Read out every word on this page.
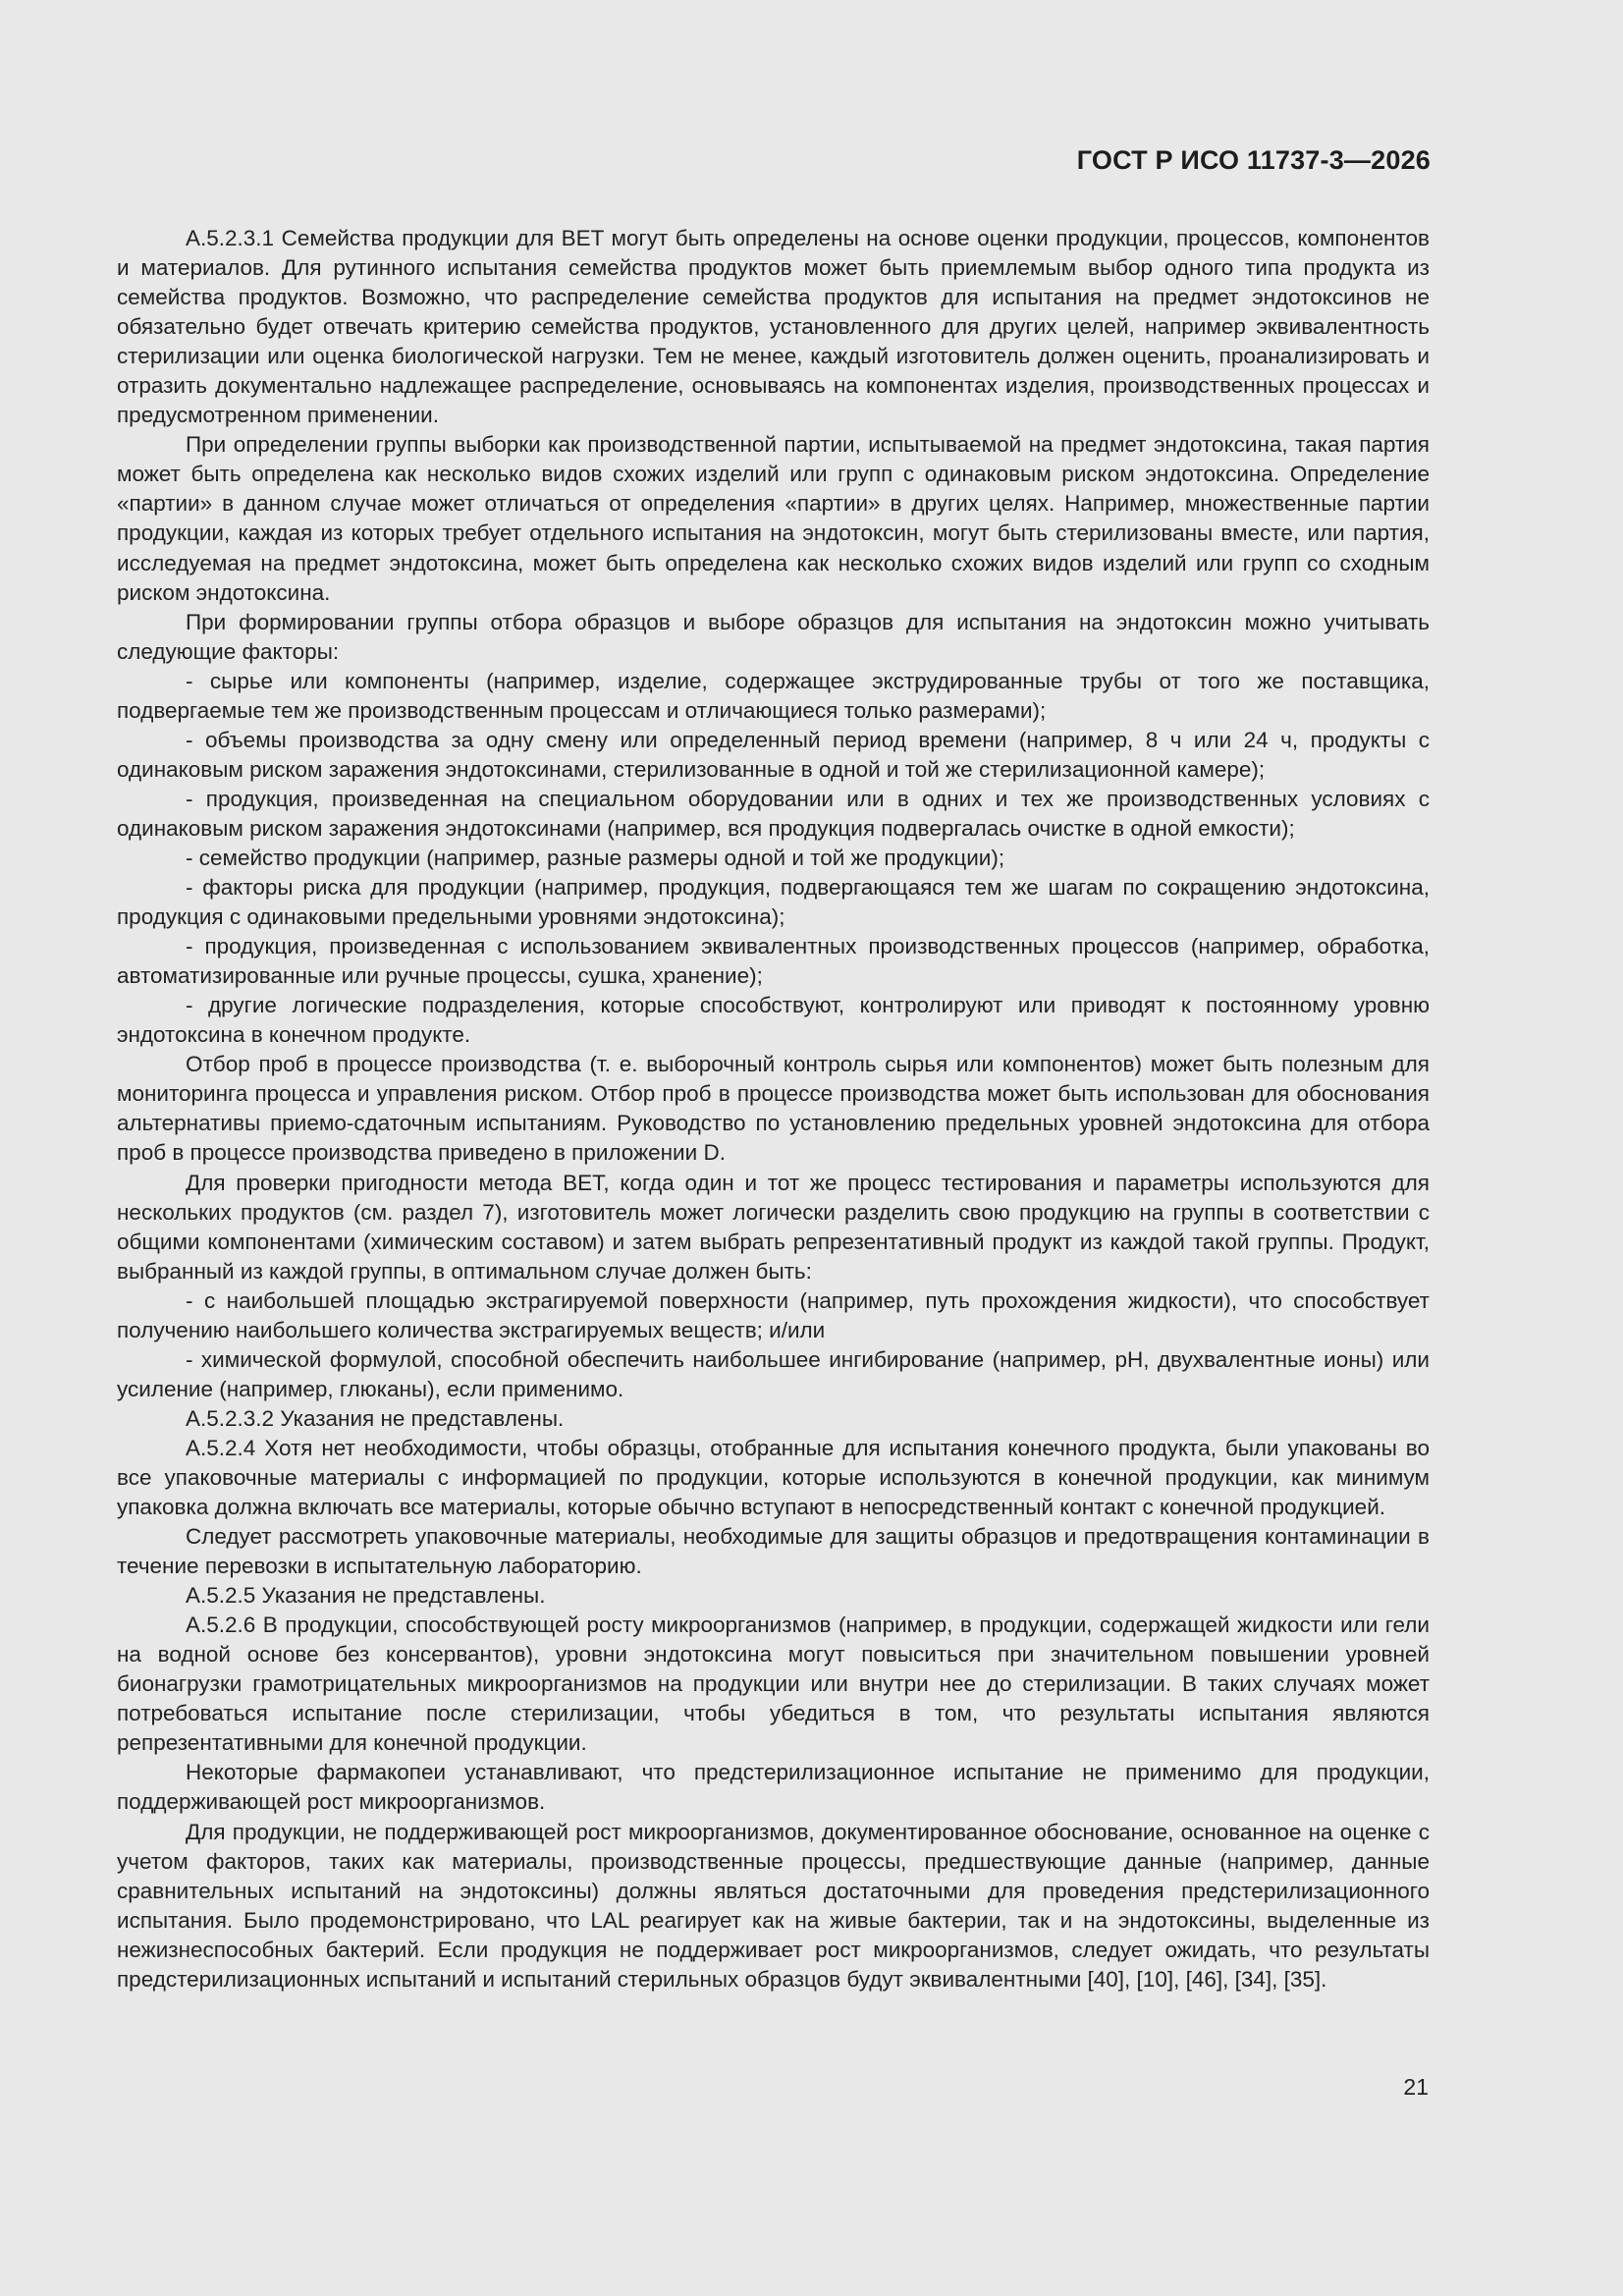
ГОСТ Р ИСО 11737-3—2026

А.5.2.3.1 Семейства продукции для BET могут быть определены на основе оценки продукции, процессов, компонентов и материалов. Для рутинного испытания семейства продуктов может быть приемлемым выбор одного типа продукта из семейства продуктов. Возможно, что распределение семейства продуктов для испытания на предмет эндотоксинов не обязательно будет отвечать критерию семейства продуктов, установленного для других целей, например эквивалентность стерилизации или оценка биологической нагрузки. Тем не менее, каждый изготовитель должен оценить, проанализировать и отразить документально надлежащее распределение, основываясь на компонентах изделия, производственных процессах и предусмотренном применении.

При определении группы выборки как производственной партии, испытываемой на предмет эндотоксина, такая партия может быть определена как несколько видов схожих изделий или групп с одинаковым риском эндотоксина. Определение «партии» в данном случае может отличаться от определения «партии» в других целях. Например, множественные партии продукции, каждая из которых требует отдельного испытания на эндотоксин, могут быть стерилизованы вместе, или партия, исследуемая на предмет эндотоксина, может быть определена как несколько схожих видов изделий или групп со сходным риском эндотоксина.

При формировании группы отбора образцов и выборе образцов для испытания на эндотоксин можно учитывать следующие факторы:

- сырье или компоненты (например, изделие, содержащее экструдированные трубы от того же поставщика, подвергаемые тем же производственным процессам и отличающиеся только размерами);

- объемы производства за одну смену или определенный период времени (например, 8 ч или 24 ч, продукты с одинаковым риском заражения эндотоксинами, стерилизованные в одной и той же стерилизационной камере);

- продукция, произведенная на специальном оборудовании или в одних и тех же производственных условиях с одинаковым риском заражения эндотоксинами (например, вся продукция подвергалась очистке в одной емкости);

- семейство продукции (например, разные размеры одной и той же продукции);

- факторы риска для продукции (например, продукция, подвергающаяся тем же шагам по сокращению эндотоксина, продукция с одинаковыми предельными уровнями эндотоксина);

- продукция, произведенная с использованием эквивалентных производственных процессов (например, обработка, автоматизированные или ручные процессы, сушка, хранение);

- другие логические подразделения, которые способствуют, контролируют или приводят к постоянному уровню эндотоксина в конечном продукте.

Отбор проб в процессе производства (т. е. выборочный контроль сырья или компонентов) может быть полезным для мониторинга процесса и управления риском. Отбор проб в процессе производства может быть использован для обоснования альтернативы приемо-сдаточным испытаниям. Руководство по установлению предельных уровней эндотоксина для отбора проб в процессе производства приведено в приложении D.

Для проверки пригодности метода BET, когда один и тот же процесс тестирования и параметры используются для нескольких продуктов (см. раздел 7), изготовитель может логически разделить свою продукцию на группы в соответствии с общими компонентами (химическим составом) и затем выбрать репрезентативный продукт из каждой такой группы. Продукт, выбранный из каждой группы, в оптимальном случае должен быть:

- с наибольшей площадью экстрагируемой поверхности (например, путь прохождения жидкости), что способствует получению наибольшего количества экстрагируемых веществ; и/или

- химической формулой, способной обеспечить наибольшее ингибирование (например, pH, двухвалентные ионы) или усиление (например, глюканы), если применимо.

А.5.2.3.2 Указания не представлены.

А.5.2.4 Хотя нет необходимости, чтобы образцы, отобранные для испытания конечного продукта, были упакованы во все упаковочные материалы с информацией по продукции, которые используются в конечной продукции, как минимум упаковка должна включать все материалы, которые обычно вступают в непосредственный контакт с конечной продукцией.

Следует рассмотреть упаковочные материалы, необходимые для защиты образцов и предотвращения контаминации в течение перевозки в испытательную лабораторию.

А.5.2.5 Указания не представлены.

А.5.2.6 В продукции, способствующей росту микроорганизмов (например, в продукции, содержащей жидкости или гели на водной основе без консервантов), уровни эндотоксина могут повыситься при значительном повышении уровней бионагрузки грамотрицательных микроорганизмов на продукции или внутри нее до стерилизации. В таких случаях может потребоваться испытание после стерилизации, чтобы убедиться в том, что результаты испытания являются репрезентативными для конечной продукции.

Некоторые фармакопеи устанавливают, что предстерилизационное испытание не применимо для продукции, поддерживающей рост микроорганизмов.

Для продукции, не поддерживающей рост микроорганизмов, документированное обоснование, основанное на оценке с учетом факторов, таких как материалы, производственные процессы, предшествующие данные (например, данные сравнительных испытаний на эндотоксины) должны являться достаточными для проведения предстерилизационного испытания. Было продемонстрировано, что LAL реагирует как на живые бактерии, так и на эндотоксины, выделенные из нежизнеспособных бактерий. Если продукция не поддерживает рост микроорганизмов, следует ожидать, что результаты предстерилизационных испытаний и испытаний стерильных образцов будут эквивалентными [40], [10], [46], [34], [35].

21
